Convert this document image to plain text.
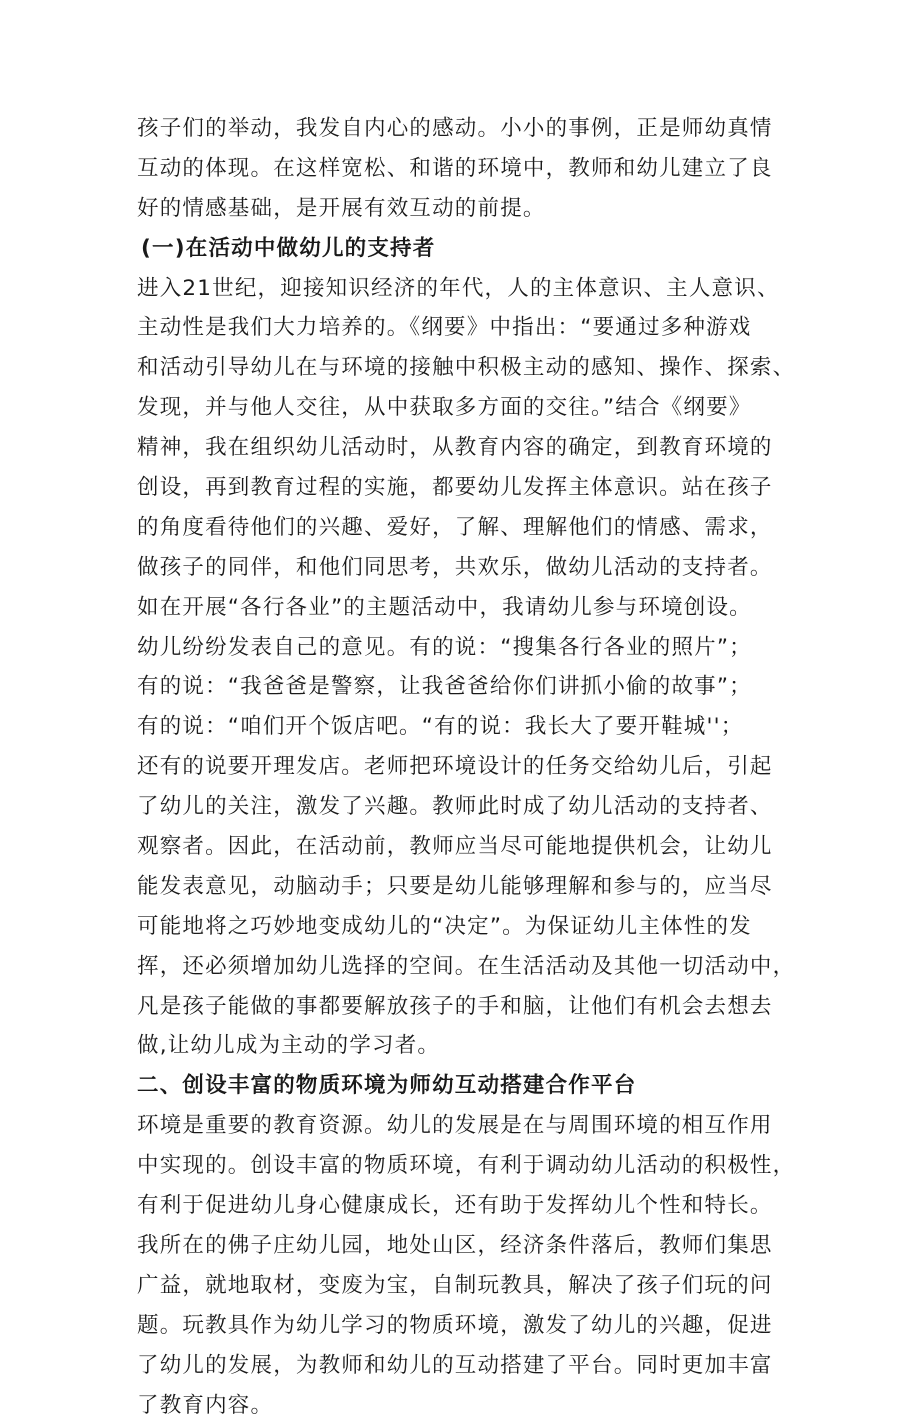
孩子们的举动，我发自内心的感动。小小的事例，正是师幼真情
互动的体现。在这样宽松、和谐的环境中，教师和幼儿建立了良
好的情感基础，是开展有效互动的前提。
(一)在活动中做幼儿的支持者
进入21世纪，迎接知识经济的年代，人的主体意识、主人意识、
主动性是我们大力培养的。《纲要》中指出：“要通过多种游戏
和活动引导幼儿在与环境的接触中积极主动的感知、操作、探索、
发现，并与他人交往，从中获取多方面的交往。”结合《纲要》
精神，我在组织幼儿活动时，从教育内容的确定，到教育环境的
创设，再到教育过程的实施，都要幼儿发挥主体意识。站在孩子
的角度看待他们的兴趣、爱好，了解、理解他们的情感、需求，
做孩子的同伴，和他们同思考，共欢乐，做幼儿活动的支持者。
如在开展“各行各业”的主题活动中，我请幼儿参与环境创设。
幼儿纷纷发表自己的意见。有的说：“搜集各行各业的照片”；
有的说：“我爸爸是警察，让我爸爸给你们讲抓小偷的故事”；
有的说：“咱们开个饭店吧。“有的说：我长大了要开鞋城''；
还有的说要开理发店。老师把环境设计的任务交给幼儿后，引起
了幼儿的关注，激发了兴趣。教师此时成了幼儿活动的支持者、
观察者。因此，在活动前，教师应当尽可能地提供机会，让幼儿
能发表意见，动脑动手；只要是幼儿能够理解和参与的，应当尽
可能地将之巧妙地变成幼儿的“决定”。为保证幼儿主体性的发
挥，还必须增加幼儿选择的空间。在生活活动及其他一切活动中，
凡是孩子能做的事都要解放孩子的手和脑，让他们有机会去想去
做,让幼儿成为主动的学习者。
二、创设丰富的物质环境为师幼互动搭建合作平台
环境是重要的教育资源。幼儿的发展是在与周围环境的相互作用
中实现的。创设丰富的物质环境，有利于调动幼儿活动的积极性，
有利于促进幼儿身心健康成长，还有助于发挥幼儿个性和特长。
我所在的佛子庄幼儿园，地处山区，经济条件落后，教师们集思
广益，就地取材，变废为宝，自制玩教具，解决了孩子们玩的问
题。玩教具作为幼儿学习的物质环境，激发了幼儿的兴趣，促进
了幼儿的发展，为教师和幼儿的互动搭建了平台。同时更加丰富
了教育内容。
